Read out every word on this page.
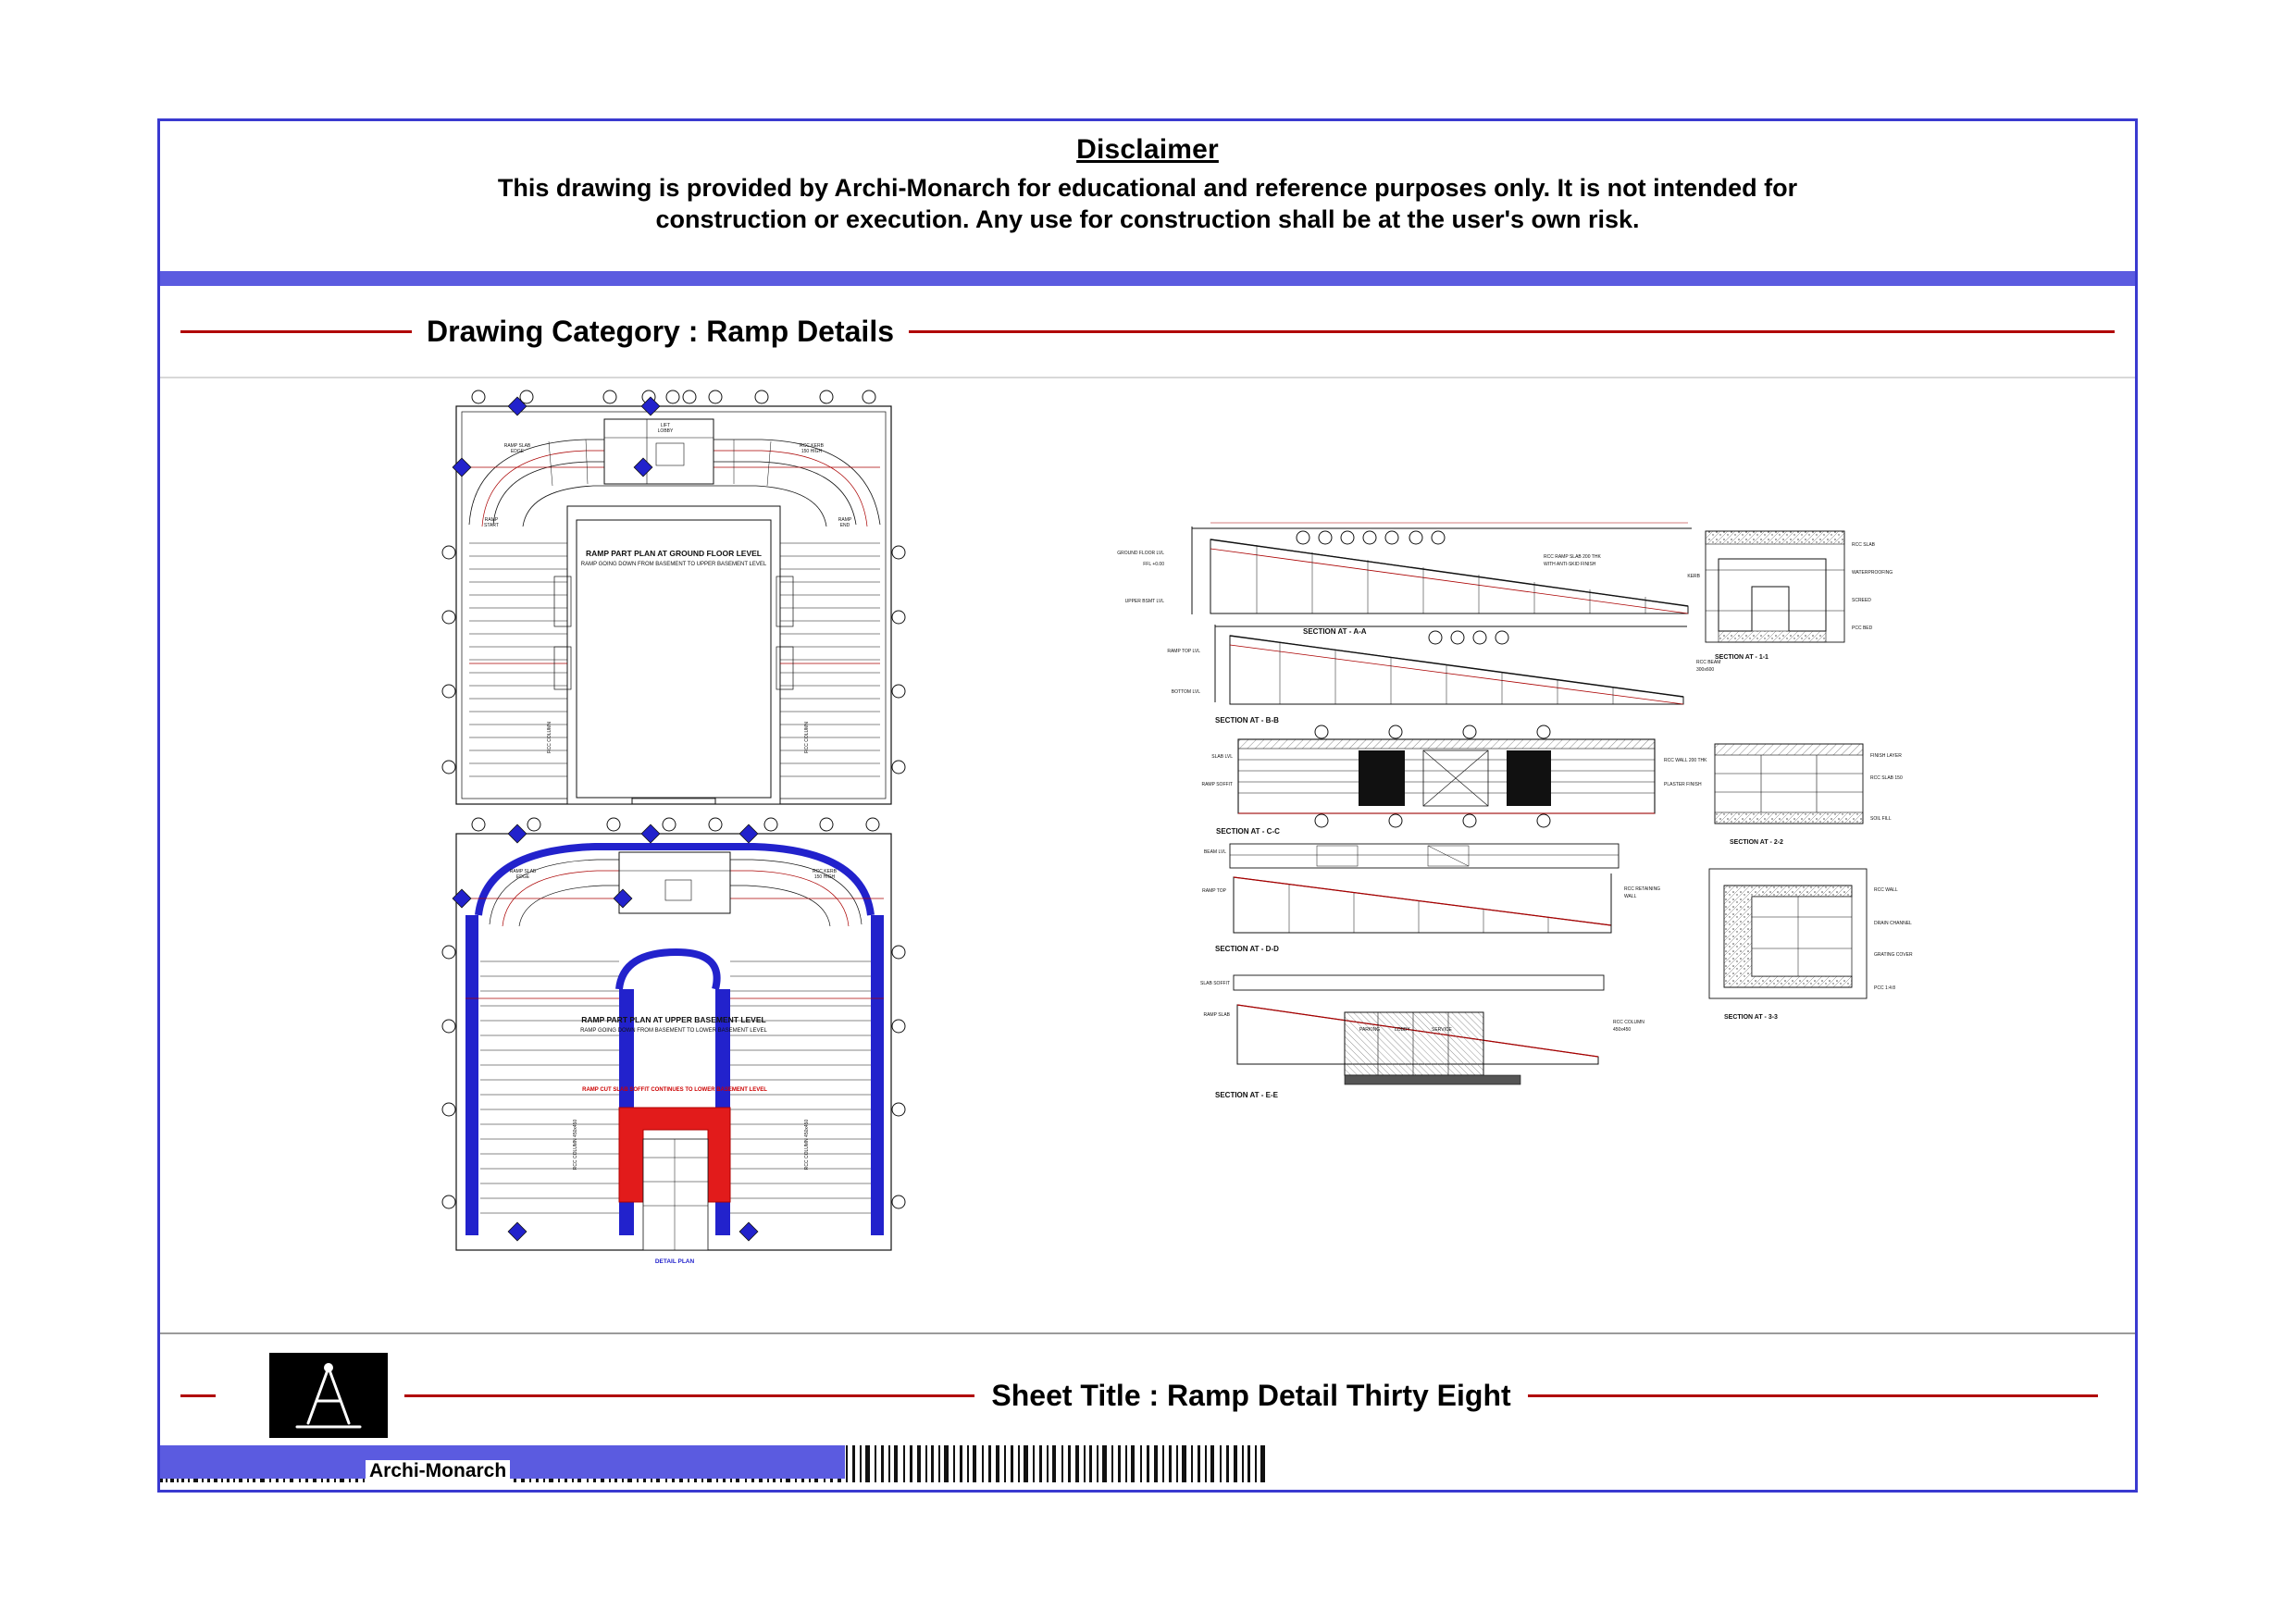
Disclaimer
This drawing is provided by Archi-Monarch for educational and reference purposes only. It is not intended for
construction or execution. Any use for construction shall be at the user's own risk.
Drawing Category : Ramp Details
RAMP SLAB
EDGE
LIFT
LOBBY
RCC KERB
150 HIGH
RAMP
START
RAMP
END
RCC COLUMN	RCC COLUMN
RAMP PART PLAN AT GROUND FLOOR LEVEL
RAMP GOING DOWN FROM BASEMENT TO UPPER BASEMENT LEVEL
RAMP CUT SLAB SOFFIT CONTINUES TO LOWER BASEMENT LEVEL
DETAIL PLAN
RAMP SLAB
EDGE
RCC KERB
150 HIGH
RCC COLUMN 450x450	RCC COLUMN 450x450
RAMP PART PLAN AT UPPER BASEMENT LEVEL
RAMP GOING DOWN FROM BASEMENT TO LOWER BASEMENT LEVEL
GROUND FLOOR LVL
FFL +0.00
UPPER BSMT LVL
RCC RAMP SLAB 200 THK
WITH ANTI-SKID FINISH
SECTION AT - A-A
RAMP TOP LVL
BOTTOM LVL
RCC BEAM
300x600
SECTION AT - B-B
SLAB LVL
RAMP SOFFIT
RCC WALL 200 THK
PLASTER FINISH
SECTION AT - C-C
BEAM LVL
RAMP TOP	RCC RETAINING
WALL
SECTION AT - D-D
SLAB SOFFIT
RAMP SLAB
RCC COLUMN
450x450
PARKING	LOBBY	SERVICE
SECTION AT - E-E
RCC SLAB
WATERPROOFING
SCREED
PCC BED
KERB
SECTION AT - 1-1
FINISH LAYER
RCC SLAB 150
SOIL FILL
SECTION AT - 2-2
RCC WALL
DRAIN CHANNEL
GRATING COVER
PCC 1:4:8
SECTION AT - 3-3
Sheet Title : Ramp Detail Thirty Eight
Archi-Monarch
